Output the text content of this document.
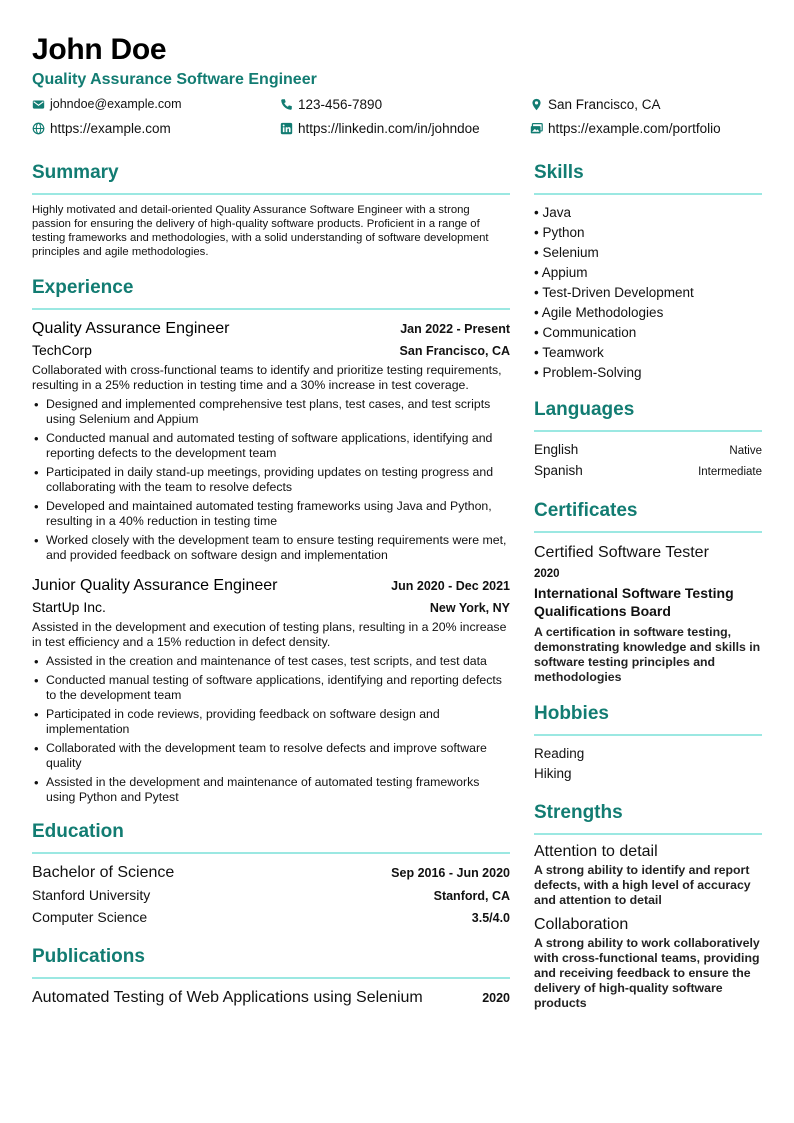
John Doe
Quality Assurance Software Engineer
johndoe@example.com	123-456-7890	San Francisco, CA
https://example.com	https://linkedin.com/in/johndoe	https://example.com/portfolio
Summary

Highly motivated and detail-oriented Quality Assurance Software Engineer with a strong passion for ensuring the delivery of high-quality software products. Proficient in a range of testing frameworks and methodologies, with a solid understanding of software development principles and agile methodologies.

Experience
Quality Assurance Engineer	Jan 2022 - Present
TechCorp	San Francisco, CA

Collaborated with cross-functional teams to identify and prioritize testing requirements, resulting in a 25% reduction in testing time and a 30% increase in test coverage.

• Designed and implemented comprehensive test plans, test cases, and test scripts using Selenium and Appium
• Conducted manual and automated testing of software applications, identifying and reporting defects to the development team
• Participated in daily stand-up meetings, providing updates on testing progress and collaborating with the team to resolve defects
• Developed and maintained automated testing frameworks using Java and Python, resulting in a 40% reduction in testing time
• Worked closely with the development team to ensure testing requirements were met, and provided feedback on software design and implementation
Junior Quality Assurance Engineer	Jun 2020 - Dec 2021
StartUp Inc.	New York, NY

Assisted in the development and execution of testing plans, resulting in a 20% increase in test efficiency and a 15% reduction in defect density.

• Assisted in the creation and maintenance of test cases, test scripts, and test data
• Conducted manual testing of software applications, identifying and reporting defects to the development team
• Participated in code reviews, providing feedback on software design and implementation
• Collaborated with the development team to resolve defects and improve software quality
• Assisted in the development and maintenance of automated testing frameworks using Python and Pytest
Education
Bachelor of Science	Sep 2016 - Jun 2020
Stanford University	Stanford, CA
Computer Science	3.5/4.0
Publications
Automated Testing of Web Applications using Selenium	2020
Skills
• Java
• Python
• Selenium
• Appium
• Test-Driven Development
• Agile Methodologies
• Communication
• Teamwork
• Problem-Solving
Languages
English	Native
Spanish	Intermediate
Certificates
Certified Software Tester
2020
International Software Testing Qualifications Board
A certification in software testing, demonstrating knowledge and skills in software testing principles and methodologies
Hobbies
Reading
Hiking
Strengths
Attention to detail
A strong ability to identify and report defects, with a high level of accuracy and attention to detail
Collaboration
A strong ability to work collaboratively with cross-functional teams, providing and receiving feedback to ensure the delivery of high-quality software products
